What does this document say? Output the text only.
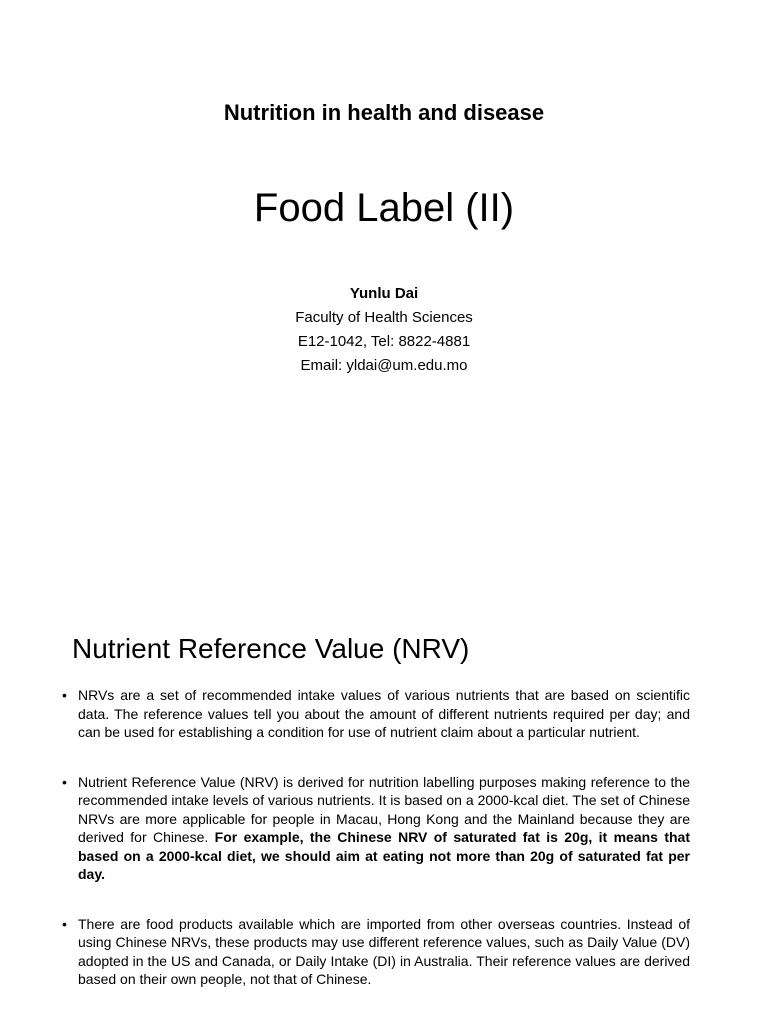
Nutrition in health and disease
Food Label (II)
Yunlu Dai
Faculty of Health Sciences
E12-1042, Tel: 8822-4881
Email: yldai@um.edu.mo
Nutrient Reference Value (NRV)
• NRVs are a set of recommended intake values of various nutrients that are based on scientific data. The reference values tell you about the amount of different nutrients required per day; and can be used for establishing a condition for use of nutrient claim about a particular nutrient.
• Nutrient Reference Value (NRV) is derived for nutrition labelling purposes making reference to the recommended intake levels of various nutrients. It is based on a 2000-kcal diet. The set of Chinese NRVs are more applicable for people in Macau, Hong Kong and the Mainland because they are derived for Chinese. For example, the Chinese NRV of saturated fat is 20g, it means that based on a 2000-kcal diet, we should aim at eating not more than 20g of saturated fat per day.
• There are food products available which are imported from other overseas countries. Instead of using Chinese NRVs, these products may use different reference values, such as Daily Value (DV) adopted in the US and Canada, or Daily Intake (DI) in Australia. Their reference values are derived based on their own people, not that of Chinese.
